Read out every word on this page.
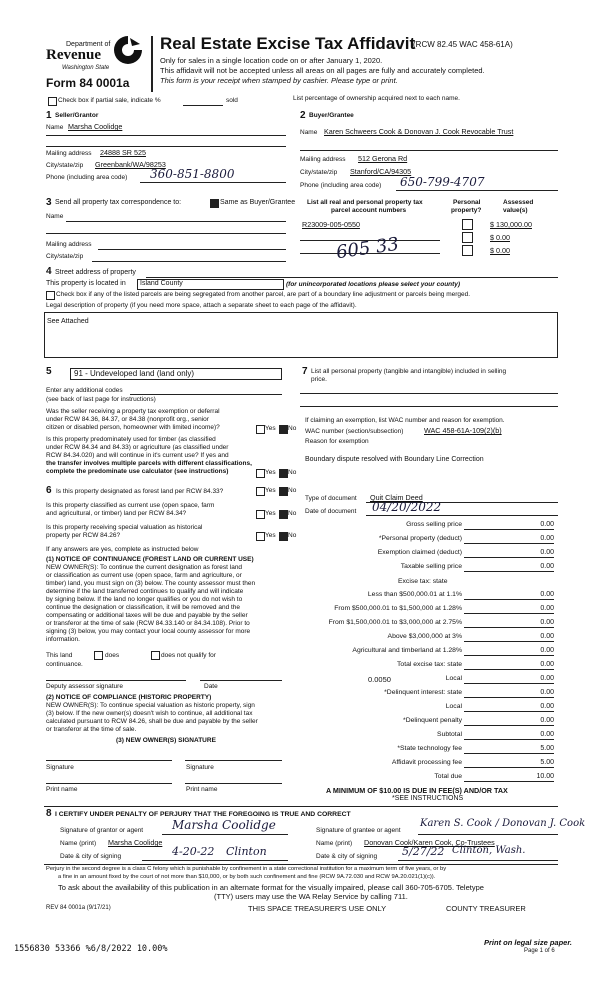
Department of
Revenue
Washington State
Form 84 0001a
Real Estate Excise Tax Affidavit
(RCW 82.45 WAC 458-61A)
Only for sales in a single location code on or after January 1, 2020.
This affidavit will not be accepted unless all areas on all pages are fully and accurately completed.
This form is your receipt when stamped by cashier. Please type or print.
Check box if partial sale, indicate %	sold	List percentage of ownership acquired next to each name.
1 Seller/Grantor
Name Marsha Coolidge
Mailing address 24888 SR 525
City/state/zip Greenbank/WA/98253
Phone (including area code) 360-851-8800
2 Buyer/Grantee
Name Karen Schweers Cook & Donovan J. Cook Revocable Trust
Mailing address 512 Gerona Rd
City/state/zip Stanford/CA/94305
Phone (including area code) 650-799-4707
3 Send all property tax correspondence to:	Same as Buyer/Grantee
Name
Mailing address
City/state/zip
List all real and personal property tax
parcel account numbers
Personal
property?
Assessed
value(s)
R23009-005-0550	$ 130,000.00
$ 0.00
$ 0.00
605 33
4 Street address of property
This property is located in Island County	(for unincorporated locations please select your county)
Check box if any of the listed parcels are being segregated from another parcel, are part of a boundary line adjustment or parcels being merged.
Legal description of property (if you need more space, attach a separate sheet to each page of the affidavit).
See Attached
5	91 - Undeveloped land (land only)
Enter any additional codes
(see back of last page for instructions)
Was the seller receiving a property tax exemption or deferral
under RCW 84.36, 84.37, or 84.38 (nonprofit org., senior
citizen or disabled person, homeowner with limited income)?	Yes No
Is this property predominately used for timber (as classified
under RCW 84.34 and 84.33) or agriculture (as classified under
RCW 84.34.020) and will continue in it's current use? If yes and
the transfer involves multiple parcels with different classifications,
complete the predominate use calculator (see instructions)	Yes No
6 Is this property designated as forest land per RCW 84.33?	Yes No
Is this property classified as current use (open space, farm
and agricultural, or timber) land per RCW 84.34?	Yes No
Is this property receiving special valuation as historical
property per RCW 84.26?	Yes No
If any answers are yes, complete as instructed below
(1) NOTICE OF CONTINUANCE (FOREST LAND OR CURRENT USE)
NEW OWNER(S): To continue the current designation as forest land
or classification as current use (open space, farm and agriculture, or
timber) land, you must sign on (3) below. The county assessor must then
determine if the land transferred continues to qualify and will indicate
by signing below. If the land no longer qualifies or you do not wish to
continue the designation or classification, it will be removed and the
compensating or additional taxes will be due and payable by the seller
or transferor at the time of sale (RCW 84.33.140 or 84.34.108). Prior to
signing (3) below, you may contact your local county assessor for more
information.
This land	does	does not qualify for
continuance.
Deputy assessor signature	Date
(2) NOTICE OF COMPLIANCE (HISTORIC PROPERTY)
NEW OWNER(S): To continue special valuation as historic property, sign
(3) below. If the new owner(s) doesn't wish to continue, all additional tax
calculated pursuant to RCW 84.26, shall be due and payable by the seller
or transferor at the time of sale.
(3) NEW OWNER(S) SIGNATURE
Signature	Signature
Print name	Print name
7 List all personal property (tangible and intangible) included in selling
price.
If claiming an exemption, list WAC number and reason for exemption.
WAC number (section/subsection)	WAC 458-61A-109(2)(b)
Reason for exemption
Boundary dispute resolved with Boundary Line Correction
Type of document Quit Claim Deed
Date of document 04/20/2022
Gross selling price	0.00
*Personal property (deduct)	0.00
Exemption claimed (deduct)	0.00
Taxable selling price	0.00
Excise tax: state
Less than $500,000.01 at 1.1%	0.00
From $500,000.01 to $1,500,000 at 1.28%	0.00
From $1,500,000.01 to $3,000,000 at 2.75%	0.00
Above $3,000,000 at 3%	0.00
Agricultural and timberland at 1.28%	0.00
Total excise tax: state	0.00
0.0050	Local	0.00
*Delinquent interest: state	0.00
Local	0.00
*Delinquent penalty	0.00
Subtotal	0.00
*State technology fee	5.00
Affidavit processing fee	5.00
Total due	10.00
A MINIMUM OF $10.00 IS DUE IN FEE(S) AND/OR TAX
*SEE INSTRUCTIONS
8 I CERTIFY UNDER PENALTY OF PERJURY THAT THE FOREGOING IS TRUE AND CORRECT
Signature of grantor or agent Marsha Coolidge
Name (print) Marsha Coolidge
Date & city of signing	4-20-22 Clinton
Signature of grantee or agent
Karen S. Cook / Donovan J. Cook
Name (print) Donovan Cook/Karen Cook, Co-Trustees
Date & city of signing 5/27/22 Clinton, Wash.
Perjury in the second degree is a class C felony which is punishable by confinement in a state correctional institution for a maximum term of five years, or by
a fine in an amount fixed by the court of not more than $10,000, or by both such confinement and fine (RCW 9A.72.030 and RCW 9A.20.021(1)(c)).
To ask about the availability of this publication in an alternate format for the visually impaired, please call 360-705-6705. Teletype
(TTY) users may use the WA Relay Service by calling 711.
REV 84 0001a (9/17/21)	THIS SPACE TREASURER'S USE ONLY	COUNTY TREASURER
1556830 53366 %6/8/2022 10.00%
Print on legal size paper.
Page 1 of 6
